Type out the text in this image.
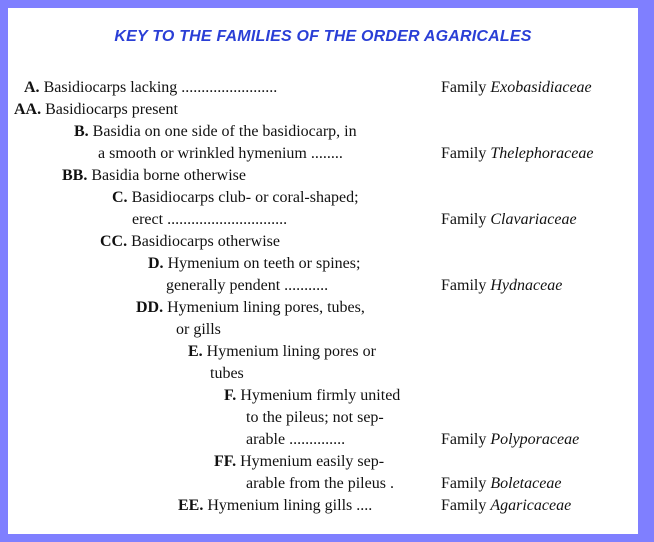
KEY TO THE FAMILIES OF THE ORDER AGARICALES
A. Basidiocarps lacking ........................	Family Exobasidiaceae
AA. Basidiocarps present
B. Basidia on one side of the basidiocarp, in
a smooth or wrinkled hymenium ........	Family Thelephoraceae
BB. Basidia borne otherwise
C. Basidiocarps club- or coral-shaped;
erect ..............................	Family Clavariaceae
CC. Basidiocarps otherwise
D. Hymenium on teeth or spines;
generally pendent ...........	Family Hydnaceae
DD. Hymenium lining pores, tubes,
or gills
E. Hymenium lining pores or
tubes
F. Hymenium firmly united
to the pileus; not sep-
arable ..............	Family Polyporaceae
FF. Hymenium easily sep-
arable from the pileus .	Family Boletaceae
EE. Hymenium lining gills ....	Family Agaricaceae
